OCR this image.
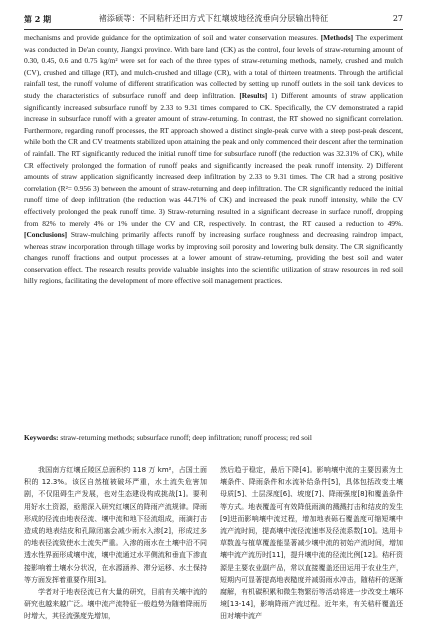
第 2 期	褚添硕等：不同秸秆还田方式下红壤坡地径流垂向分层输出特征	27

mechanisms and provide guidance for the optimization of soil and water conservation measures. [Methods] The experiment was conducted in De'an county, Jiangxi province. With bare land (CK) as the control, four levels of straw-returning amount of 0.30, 0.45, 0.6 and 0.75 kg/m² were set for each of the three types of straw-returning methods, namely, crushed and mulch (CV), crushed and tillage (RT), and mulch-crushed and tillage (CR), with a total of thirteen treatments. Through the artificial rainfall test, the runoff volume of different stratification was collected by setting up runoff outlets in the soil tank devices to study the characteristics of subsurface runoff and deep infiltration. [Results] 1) Different amounts of straw application significantly increased subsurface runoff by 2.33 to 9.31 times compared to CK. Specifically, the CV demonstrated a rapid increase in subsurface runoff with a greater amount of straw-returning. In contrast, the RT showed no significant correlation. Furthermore, regarding runoff processes, the RT approach showed a distinct single-peak curve with a steep post-peak descent, while both the CR and CV treatments stabilized upon attaining the peak and only commenced their descent after the termination of rainfall. The RT significantly reduced the initial runoff time for subsurface runoff (the reduction was 32.31% of CK), while CR effectively prolonged the formation of runoff peaks and significantly increased the peak runoff intensity. 2) Different amounts of straw application significantly increased deep infiltration by 2.33 to 9.31 times. The CR had a strong positive correlation (R²= 0.956 3) between the amount of straw-returning and deep infiltration. The CR significantly reduced the initial runoff time of deep infiltration (the reduction was 44.71% of CK) and increased the peak runoff intensity, while the CV effectively prolonged the peak runoff time. 3) Straw-returning resulted in a significant decrease in surface runoff, dropping from 82% to merely 4% or 1% under the CV and CR, respectively. In contrast, the RT caused a reduction to 49%. [Conclusions] Straw-mulching primarily affects runoff by increasing surface roughness and decreasing raindrop impact, whereas straw incorporation through tillage works by improving soil porosity and lowering bulk density. The CR significantly changes runoff fractions and output processes at a lower amount of straw-returning, providing the best soil and water conservation effect. The research results provide valuable insights into the scientific utilization of straw resources in red soil hilly regions, facilitating the development of more effective soil management practices.

Keywords: straw-returning methods; subsurface runoff; deep infiltration; runoff process; red soil

我国南方红壤丘陵区总面积约 118 万 km²，占国土面积的 12.3%。该区自然植被破坏严重，水土流失危害加剧，不仅阻碍生产发展，也对生态建设构成挑战[1]。要利用好水土资源，亟需深入研究红壤区的降雨产流规律。降雨形成的径流由地表径流、壤中流和地下径流组成，雨滴打击造成的地表结皮和孔隙闭塞会减少雨水入渗[2]，形成过多的地表径流致使水土流失严重。入渗的雨水在土壤中沿不同透水性界面形成壤中流，壤中流通过水平侧流和垂直下渗直接影响着土壤水分状况，在水源涵养、滞分运移、水土保持等方面发挥着重要作用[3]。

学者对于地表径流已有大量的研究，目前有关壤中流的研究也越来越广泛。壤中流产流特征一般趋势为随着降雨历时增大，其径流强度先增加，

然后趋于稳定，最后下降[4]。影响壤中流的主要因素为土壤条件、降雨条件和水流补给条件[5]，具体包括改变土壤母质[5]、土层深度[6]、坡度[7]、降雨强度[8]和覆盖条件等方式。地表覆盖可有效降低雨滴的溅溅打击和结皮的发生[9]进而影响壤中流过程，增加地表砾石覆盖度可缩短壤中流产流时间，提高壤中流径流速率及径流系数[10]。选用卡草数盖与植草覆盖能显著减少壤中流的初始产流时间，增加壤中流产流历时[11]，提升壤中流的径流比例[12]。秸秆资源是主要农业副产品，常以直接覆盖还田运用于农业生产，短期内可显著提高地表糙度并减弱雨水冲击，随秸秆的逐渐腐解，有机碳积累和微生物繁衍等活动将进一步改变土壤环境[13-14]，影响降雨产流过程。近年来，有关秸秆覆盖还田对壤中流产
